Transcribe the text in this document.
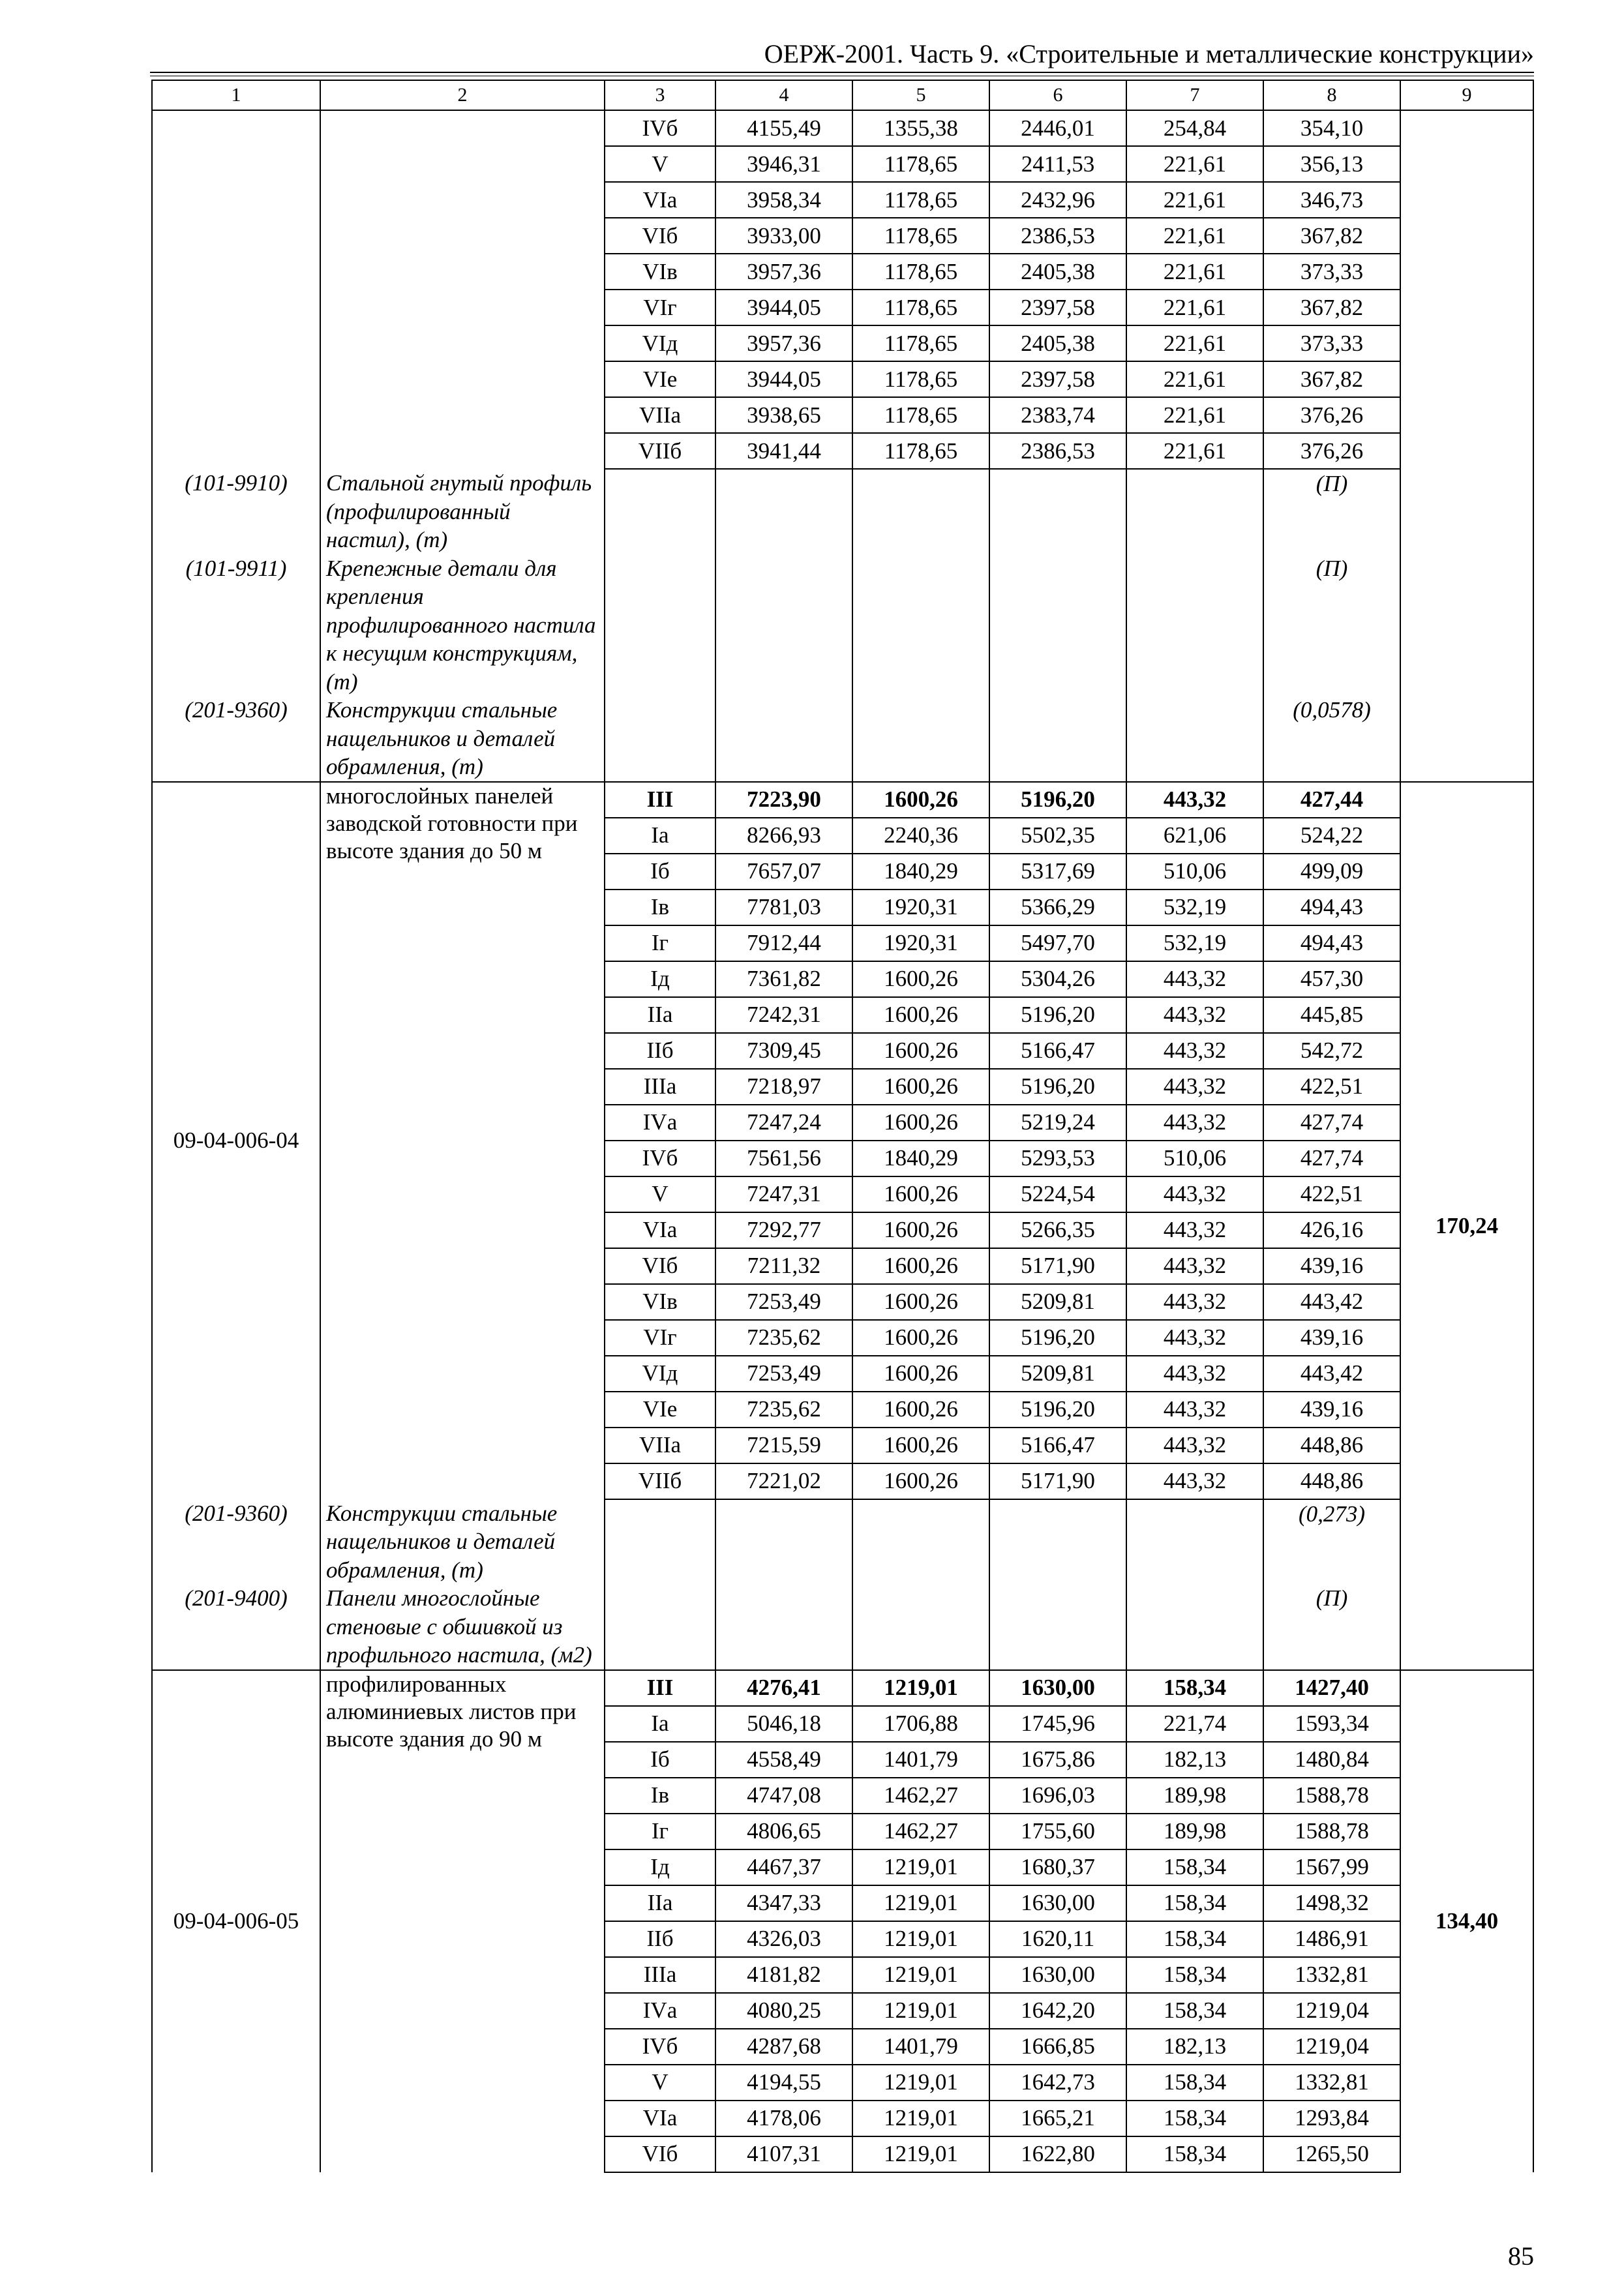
ОЕРЖ-2001. Часть 9. «Строительные и металлические конструкции»
1	2	3	4	5	6	7	8	9
		IVб	4155,49	1355,38	2446,01	254,84	354,10	
		V	3946,31	1178,65	2411,53	221,61	356,13	
		VIа	3958,34	1178,65	2432,96	221,61	346,73	
		VIб	3933,00	1178,65	2386,53	221,61	367,82	
		VIв	3957,36	1178,65	2405,38	221,61	373,33	
		VIг	3944,05	1178,65	2397,58	221,61	367,82	
		VIд	3957,36	1178,65	2405,38	221,61	373,33	
		VIе	3944,05	1178,65	2397,58	221,61	367,82	
		VIIа	3938,65	1178,65	2383,74	221,61	376,26	
		VIIб	3941,44	1178,65	2386,53	221,61	376,26	
(101-9910)	Стальной гнутый профиль (профилированный настил), (т)						(П)	
(101-9911)	Крепежные детали для крепления профилированного настила к несущим конструкциям, (т)						(П)	
(201-9360)	Конструкции стальные нащельников и деталей обрамления, (т)						(0,0578)	
09-04-006-04	многослойных панелей заводской готовности при высоте здания до 50 м	III	7223,90	1600,26	5196,20	443,32	427,44	170,24
		Iа	8266,93	2240,36	5502,35	621,06	524,22	
		Iб	7657,07	1840,29	5317,69	510,06	499,09	
		Iв	7781,03	1920,31	5366,29	532,19	494,43	
		Iг	7912,44	1920,31	5497,70	532,19	494,43	
		Iд	7361,82	1600,26	5304,26	443,32	457,30	
		IIа	7242,31	1600,26	5196,20	443,32	445,85	
		IIб	7309,45	1600,26	5166,47	443,32	542,72	
		IIIа	7218,97	1600,26	5196,20	443,32	422,51	
		IVа	7247,24	1600,26	5219,24	443,32	427,74	
		IVб	7561,56	1840,29	5293,53	510,06	427,74	
		V	7247,31	1600,26	5224,54	443,32	422,51	
		VIа	7292,77	1600,26	5266,35	443,32	426,16	
		VIб	7211,32	1600,26	5171,90	443,32	439,16	
		VIв	7253,49	1600,26	5209,81	443,32	443,42	
		VIг	7235,62	1600,26	5196,20	443,32	439,16	
		VIд	7253,49	1600,26	5209,81	443,32	443,42	
		VIе	7235,62	1600,26	5196,20	443,32	439,16	
		VIIа	7215,59	1600,26	5166,47	443,32	448,86	
		VIIб	7221,02	1600,26	5171,90	443,32	448,86	
(201-9360)	Конструкции стальные нащельников и деталей обрамления, (т)						(0,273)	
(201-9400)	Панели многослойные стеновые с обшивкой из профильного настила, (м2)						(П)	
09-04-006-05	профилированных алюминиевых листов при высоте здания до 90 м	III	4276,41	1219,01	1630,00	158,34	1427,40	134,40
		Iа	5046,18	1706,88	1745,96	221,74	1593,34	
		Iб	4558,49	1401,79	1675,86	182,13	1480,84	
		Iв	4747,08	1462,27	1696,03	189,98	1588,78	
		Iг	4806,65	1462,27	1755,60	189,98	1588,78	
		Iд	4467,37	1219,01	1680,37	158,34	1567,99	
		IIа	4347,33	1219,01	1630,00	158,34	1498,32	
		IIб	4326,03	1219,01	1620,11	158,34	1486,91	
		IIIа	4181,82	1219,01	1630,00	158,34	1332,81	
		IVа	4080,25	1219,01	1642,20	158,34	1219,04	
		IVб	4287,68	1401,79	1666,85	182,13	1219,04	
		V	4194,55	1219,01	1642,73	158,34	1332,81	
		VIа	4178,06	1219,01	1665,21	158,34	1293,84	
		VIб	4107,31	1219,01	1622,80	158,34	1265,50	
85
